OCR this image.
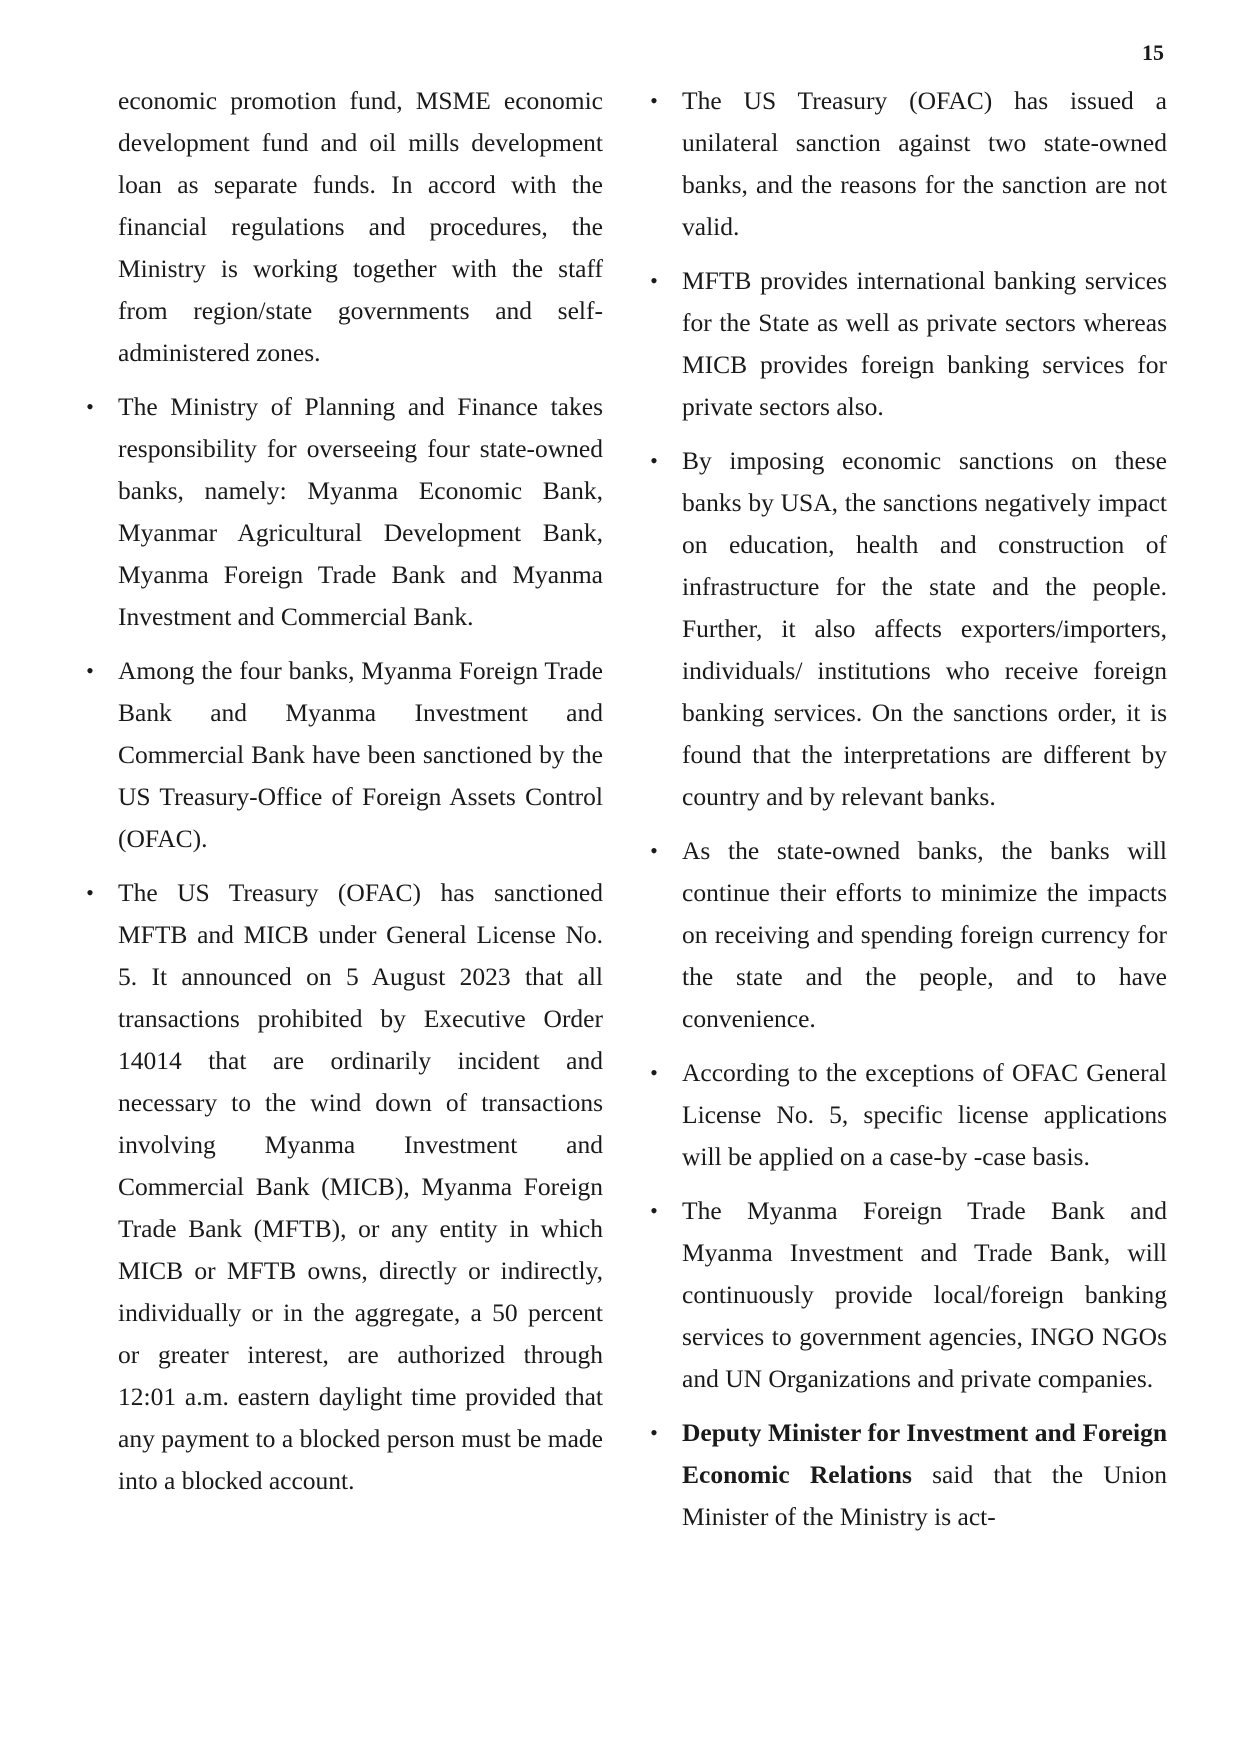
15

economic promotion fund, MSME economic development fund and oil mills development loan as separate funds. In accord with the financial regulations and procedures, the Ministry is working together with the staff from region/state governments and self-administered zones.

• The Ministry of Planning and Finance takes responsibility for overseeing four state-owned banks, namely: Myanma Economic Bank, Myanmar Agricultural Development Bank, Myanma Foreign Trade Bank and Myanma Investment and Commercial Bank.
• Among the four banks, Myanma Foreign Trade Bank and Myanma Investment and Commercial Bank have been sanctioned by the US Treasury-Office of Foreign Assets Control (OFAC).
• The US Treasury (OFAC) has sanctioned MFTB and MICB under General License No. 5. It announced on 5 August 2023 that all transactions prohibited by Executive Order 14014 that are ordinarily incident and necessary to the wind down of transactions involving Myanma Investment and Commercial Bank (MICB), Myanma Foreign Trade Bank (MFTB), or any entity in which MICB or MFTB owns, directly or indirectly, individually or in the aggregate, a 50 percent or greater interest, are authorized through 12:01 a.m. eastern daylight time provided that any payment to a blocked person must be made into a blocked account.
• The US Treasury (OFAC) has issued a unilateral sanction against two state-owned banks, and the reasons for the sanction are not valid.
• MFTB provides international banking services for the State as well as private sectors whereas MICB provides foreign banking services for private sectors also.
• By imposing economic sanctions on these banks by USA, the sanctions negatively impact on education, health and construction of infrastructure for the state and the people. Further, it also affects exporters/importers, individuals/ institutions who receive foreign banking services. On the sanctions order, it is found that the interpretations are different by country and by relevant banks.
• As the state-owned banks, the banks will continue their efforts to minimize the impacts on receiving and spending foreign currency for the state and the people, and to have convenience.
• According to the exceptions of OFAC General License No. 5, specific license applications will be applied on a case-by -case basis.
• The Myanma Foreign Trade Bank and Myanma Investment and Trade Bank, will continuously provide local/foreign banking services to government agencies, INGO NGOs and UN Organizations and private companies.
• Deputy Minister for Investment and Foreign Economic Relations said that the Union Minister of the Ministry is act-
